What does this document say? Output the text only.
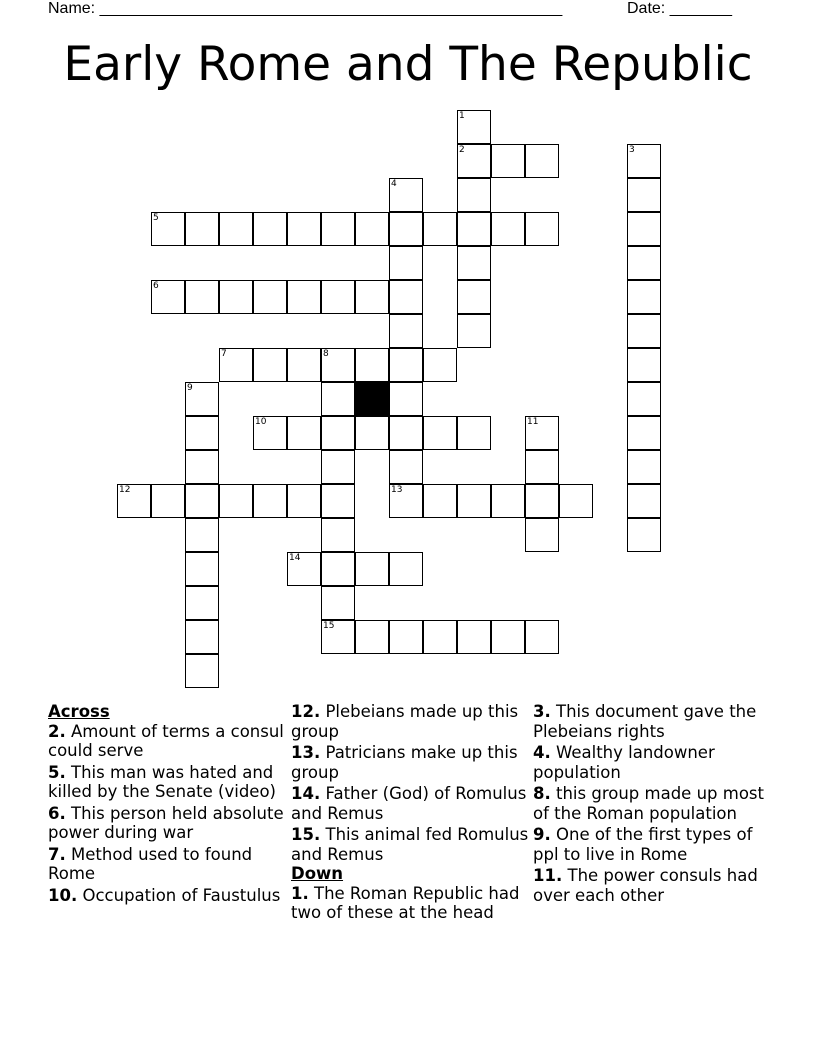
Name: ____________________________________________________	Date: _______
Early Rome and The Republic
1
2	3
4
5
6
7	8
9
10	11
12	13
14
15
Across
2. Amount of terms a consul could serve
5. This man was hated and killed by the Senate (video)
6. This person held absolute power during war
7. Method used to found Rome
10. Occupation of Faustulus
12. Plebeians made up this group
13. Patricians make up this group
14. Father (God) of Romulus and Remus
15. This animal fed Romulus and Remus
Down
1. The Roman Republic had two of these at the head
3. This document gave the Plebeians rights
4. Wealthy landowner population
8. this group made up most of the Roman population
9. One of the first types of ppl to live in Rome
11. The power consuls had over each other
